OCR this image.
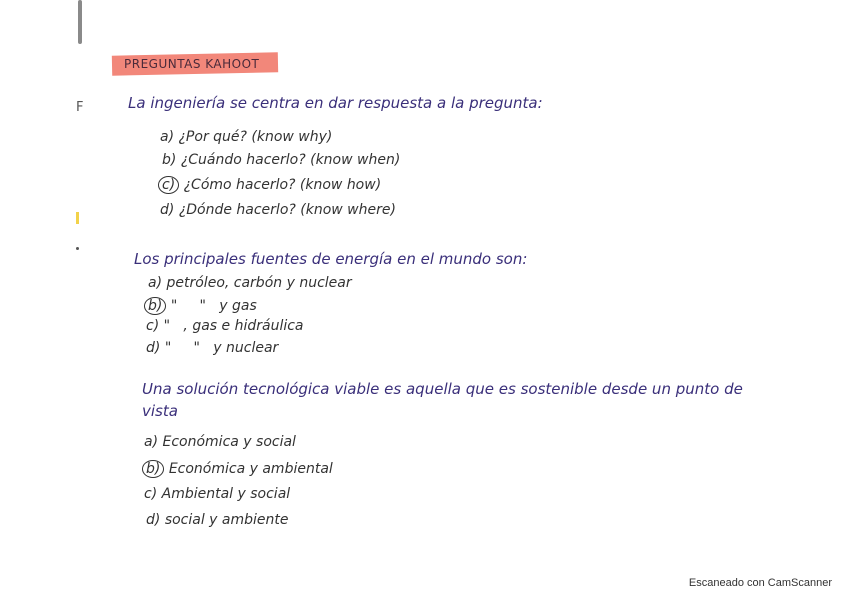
PREGUNTAS KAHOOT
F	La ingeniería se centra en dar respuesta a la pregunta:
a) ¿Por qué? (know why)
b) ¿Cuándo hacerlo? (know when)
c) ¿Cómo hacerlo? (know how)
d) ¿Dónde hacerlo? (know where)
Los principales fuentes de energía en el mundo son:
a) petróleo, carbón y nuclear
b) "     "   y gas
c) "   , gas e hidráulica
d) "     "   y nuclear
Una solución tecnológica viable es aquella que es sostenible desde un punto de
vista
a) Económica y social
b) Económica y ambiental
c) Ambiental y social
d) social y ambiente
Escaneado con CamScanner
